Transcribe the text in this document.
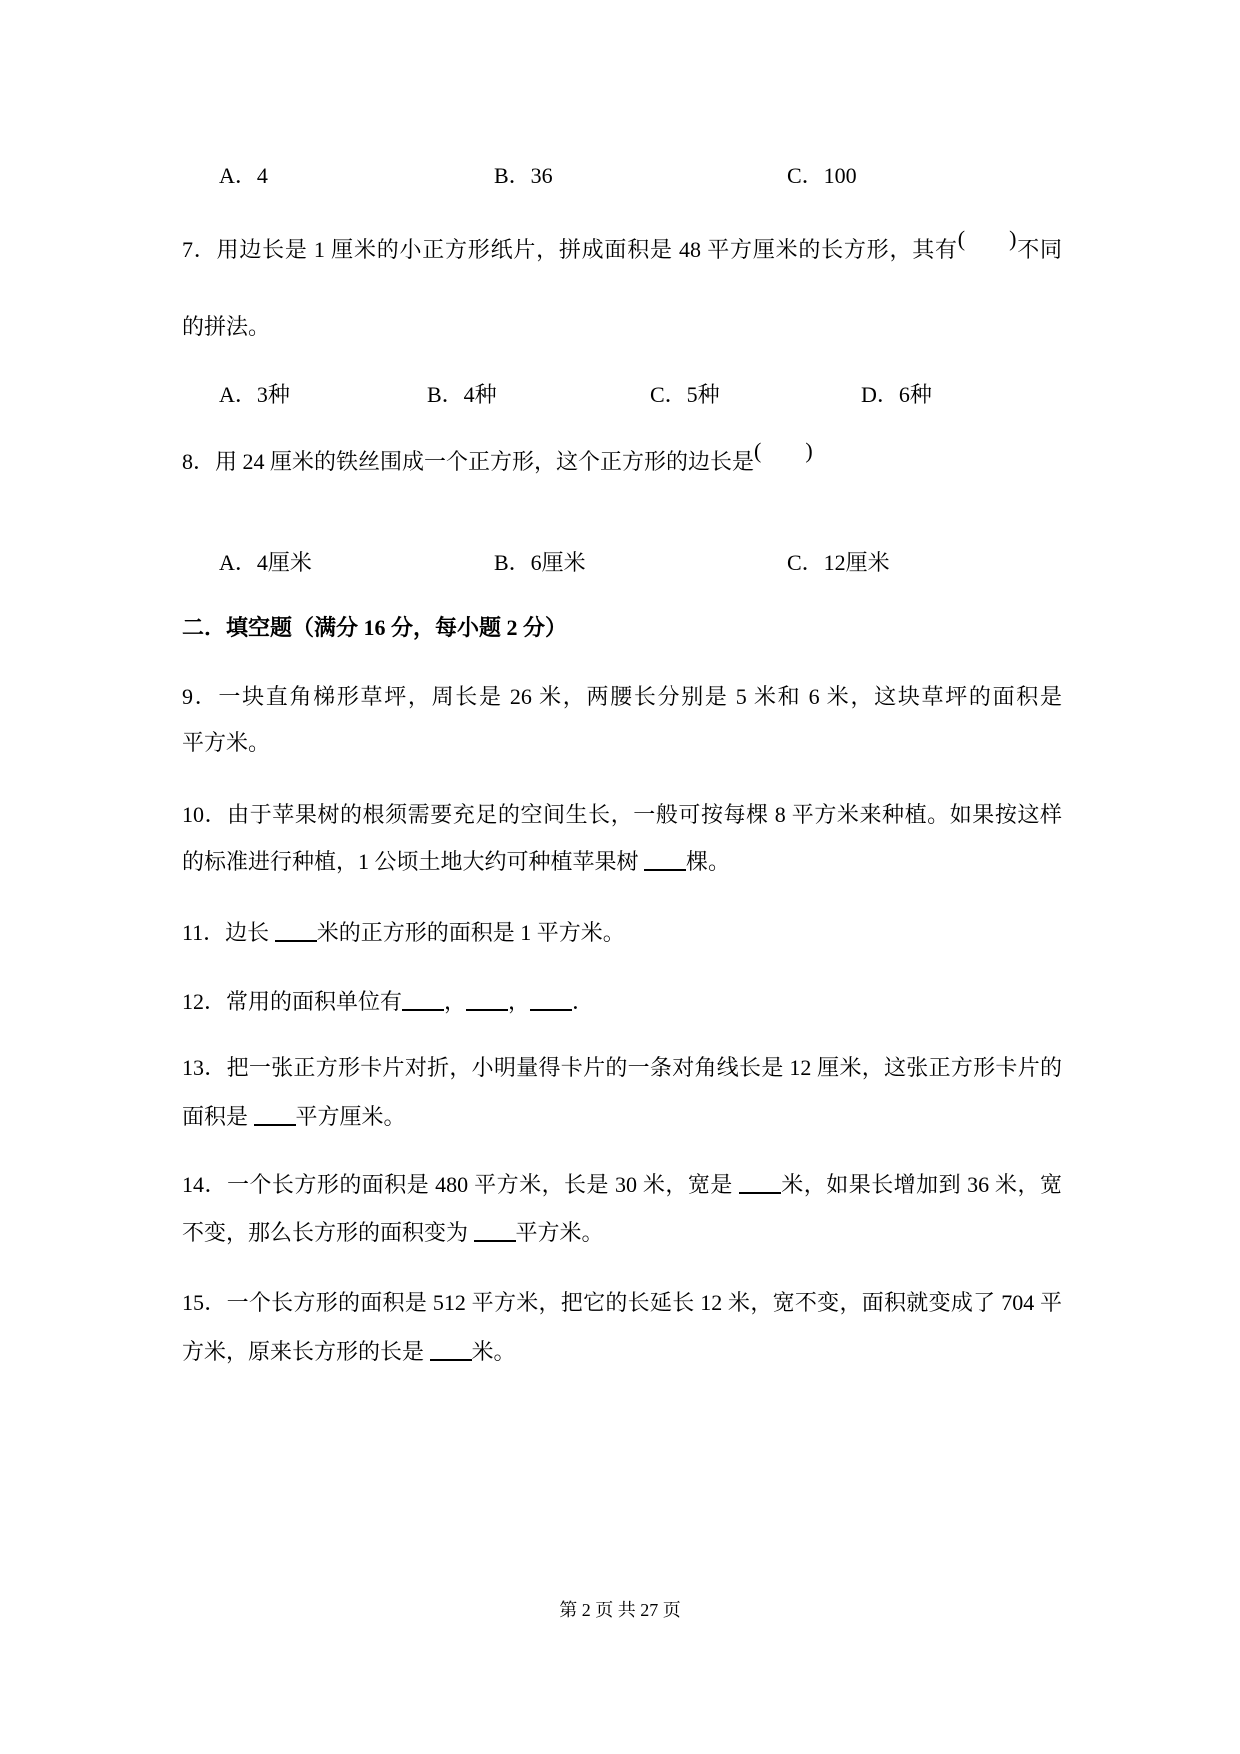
A．4	B．36	C．100
7．用边长是 1 厘米的小正方形纸片，拼成面积是 48 平方厘米的长方形，其有( )不同
的拼法。
A．3种	B．4种	C．5种	D．6种
8．用 24 厘米的铁丝围成一个正方形，这个正方形的边长是( )
A．4厘米	B．6厘米	C．12厘米
二．填空题（满分 16 分，每小题 2 分）
9．一块直角梯形草坪，周长是 26 米，两腰长分别是 5 米和 6 米，这块草坪的面积是
平方米。
10．由于苹果树的根须需要充足的空间生长，一般可按每棵 8 平方米来种植。如果按这样
的标准进行种植，1 公顷土地大约可种植苹果树 棵。
11．边长 米的正方形的面积是 1 平方米。
12．常用的面积单位有 ， ， ．
13．把一张正方形卡片对折，小明量得卡片的一条对角线长是 12 厘米，这张正方形卡片的
面积是 平方厘米。
14．一个长方形的面积是 480 平方米，长是 30 米，宽是 米，如果长增加到 36 米，宽
不变，那么长方形的面积变为 平方米。
15．一个长方形的面积是 512 平方米，把它的长延长 12 米，宽不变，面积就变成了 704 平
方米，原来长方形的长是 米。
第 2 页 共 27 页
